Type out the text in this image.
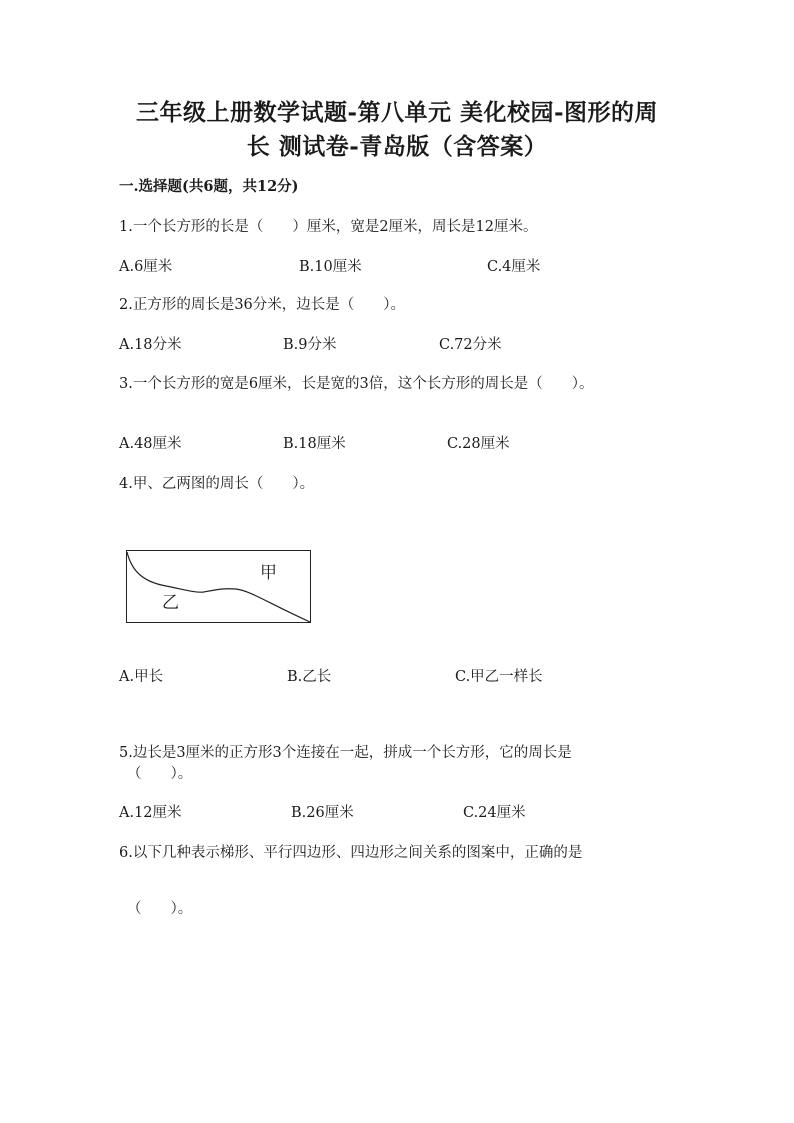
三年级上册数学试题-第八单元 美化校园-图形的周
长 测试卷-青岛版（含答案）
一.选择题(共6题，共12分)
1.一个长方形的长是（　　）厘米，宽是2厘米，周长是12厘米。
A.6厘米	B.10厘米	C.4厘米
2.正方形的周长是36分米，边长是（　　）。
A.18分米	B.9分米	C.72分米
3.一个长方形的宽是6厘米，长是宽的3倍，这个长方形的周长是（　　）。
A.48厘米	B.18厘米	C.28厘米
4.甲、乙两图的周长（　　）。
甲
乙
A.甲长	B.乙长	C.甲乙一样长
5.边长是3厘米的正方形3个连接在一起，拼成一个长方形，它的周长是
（　　）。
A.12厘米	B.26厘米	C.24厘米
6.以下几种表示梯形、平行四边形、四边形之间关系的图案中，正确的是
（　　）。
